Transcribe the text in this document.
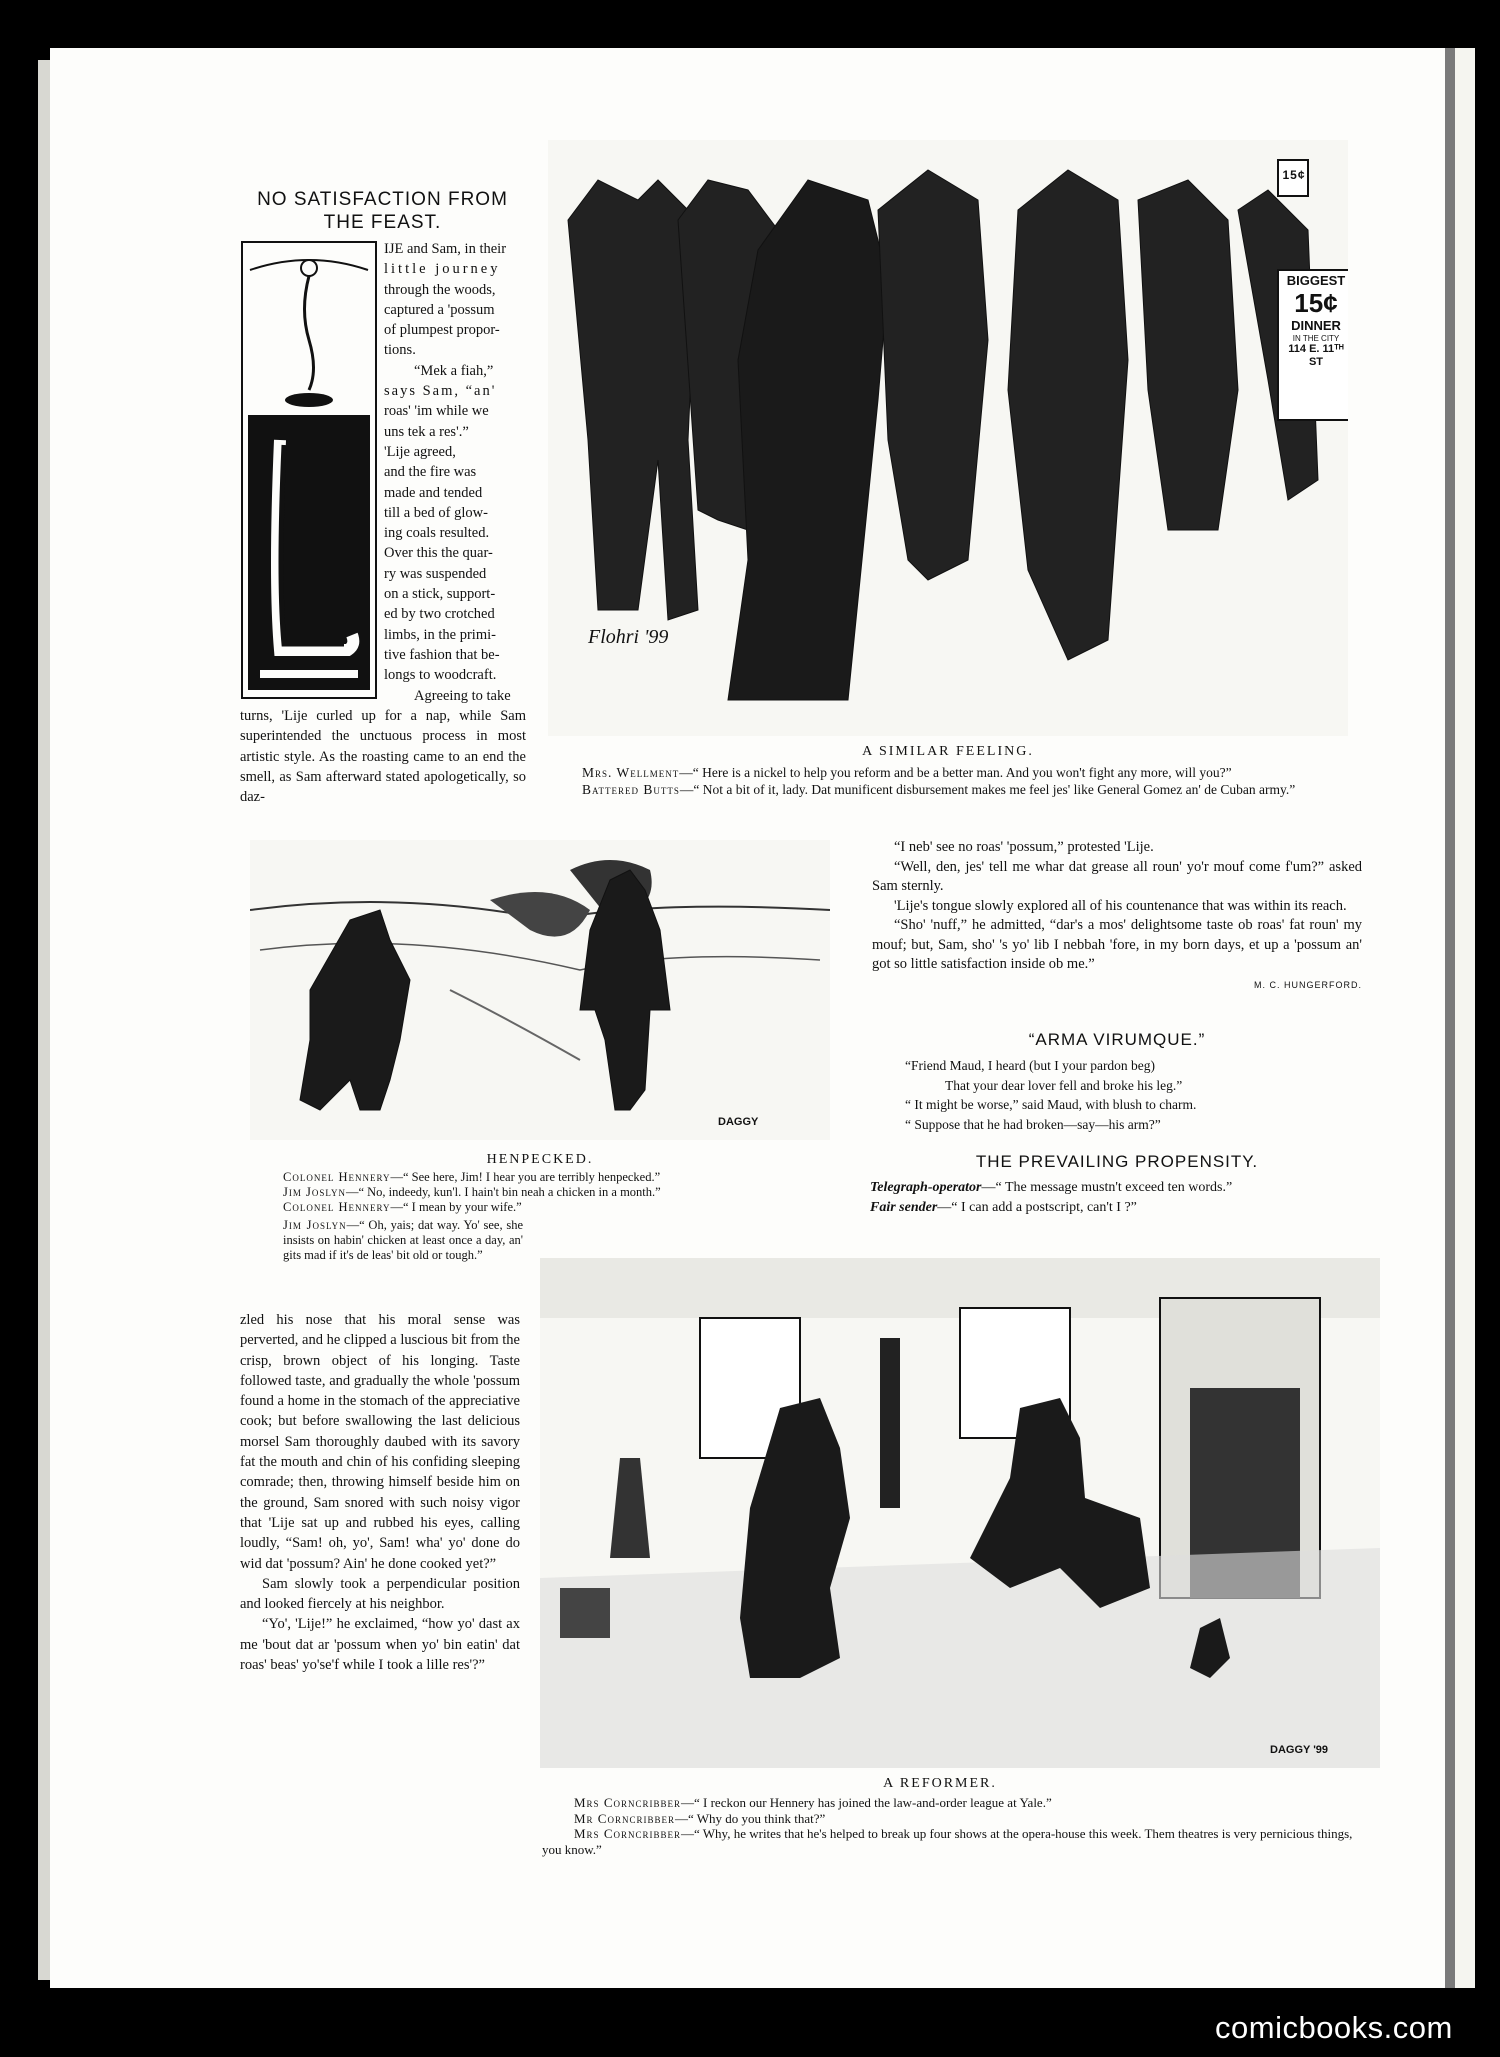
NO SATISFACTION FROM THE FEAST.
IJE and Sam, in their
little journey
through the woods,
captured a 'possum
of plumpest propor-
tions.
“Mek a fiah,”
says Sam, “an'
roas' 'im while we
uns tek a res'.”
'Lije agreed,
and the fire was
made and tended
till a bed of glow-
ing coals resulted.
Over this the quar-
ry was suspended
on a stick, support-
ed by two crotched
limbs, in the primi-
tive fashion that be-
longs to woodcraft.
Agreeing to take

turns, 'Lije curled up for a nap, while Sam superintended the unctuous process in most artistic style. As the roasting came to an end the smell, as Sam afterward stated apologetically, so daz-

15¢
BIGGEST
15¢
DINNER
IN THE CITY
114 E. 11ᵀᴴ ST
Flohri '99
A SIMILAR FEELING.

Mrs. Wellment—“ Here is a nickel to help you reform and be a better man. And you won't fight any more, will you?”

Battered Butts—“ Not a bit of it, lady. Dat munificent disbursement makes me feel jes' like General Gomez an' de Cuban army.”

DAGGY
HENPECKED.

Colonel Hennery—“ See here, Jim! I hear you are terribly henpecked.”

Jim Joslyn—“ No, indeedy, kun'l. I hain't bin neah a chicken in a month.”

Colonel Hennery—“ I mean by your wife.”

Jim Joslyn—“ Oh, yais; dat way. Yo' see, she insists on habin' chicken at least once a day, an' gits mad if it's de leas' bit old or tough.”

“I neb' see no roas' 'possum,” protested 'Lije.

“Well, den, jes' tell me whar dat grease all roun' yo'r mouf come f'um?” asked Sam sternly.

'Lije's tongue slowly explored all of his countenance that was within its reach.

“Sho' 'nuff,” he admitted, “dar's a mos' delightsome taste ob roas' fat roun' my mouf; but, Sam, sho' 's yo' lib I nebbah 'fore, in my born days, et up a 'possum an' got so little satisfaction inside ob me.”

M. C. HUNGERFORD.

“ARMA VIRUMQUE.”

“Friend Maud, I heard (but I your pardon beg)

That your dear lover fell and broke his leg.”

“ It might be worse,” said Maud, with blush to charm.

“ Suppose that he had broken—say—his arm?”

THE PREVAILING PROPENSITY.

Telegraph-operator—“ The message mustn't exceed ten words.”

Fair sender—“ I can add a postscript, can't I ?”

zled his nose that his moral sense was perverted, and he clipped a luscious bit from the crisp, brown object of his longing. Taste followed taste, and gradually the whole 'possum found a home in the stomach of the appreciative cook; but before swallowing the last delicious morsel Sam thoroughly daubed with its savory fat the mouth and chin of his confiding sleeping comrade; then, throwing himself beside him on the ground, Sam snored with such noisy vigor that 'Lije sat up and rubbed his eyes, calling loudly, “Sam! oh, yo', Sam! wha' yo' done do wid dat 'possum? Ain' he done cooked yet?”

Sam slowly took a perpendicular position and looked fiercely at his neighbor.

“Yo', 'Lije!” he exclaimed, “how yo' dast ax me 'bout dat ar 'possum when yo' bin eatin' dat roas' beas' yo'se'f while I took a lille res'?”

DAGGY '99
A REFORMER.

Mrs Corncribber—“ I reckon our Hennery has joined the law-and-order league at Yale.”

Mr Corncribber—“ Why do you think that?”

Mrs Corncribber—“ Why, he writes that he's helped to break up four shows at the opera-house this week. Them theatres is very pernicious things, you know.”

comicbooks.com
